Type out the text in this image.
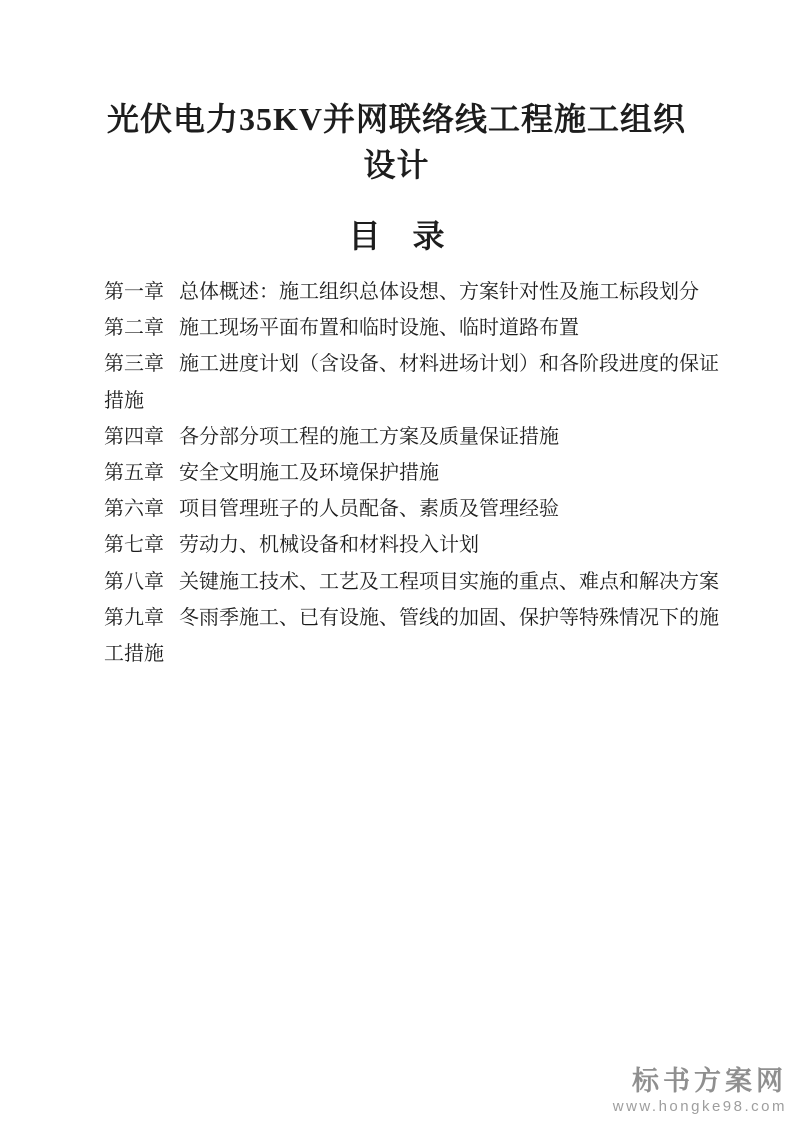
光伏电力35KV并网联络线工程施工组织
设计
目　录

第一章 总体概述：施工组织总体设想、方案针对性及施工标段划分

第二章 施工现场平面布置和临时设施、临时道路布置

第三章 施工进度计划（含设备、材料进场计划）和各阶段进度的保证措施

第四章 各分部分项工程的施工方案及质量保证措施

第五章 安全文明施工及环境保护措施

第六章 项目管理班子的人员配备、素质及管理经验

第七章 劳动力、机械设备和材料投入计划

第八章 关键施工技术、工艺及工程项目实施的重点、难点和解决方案

第九章 冬雨季施工、已有设施、管线的加固、保护等特殊情况下的施工措施

标书方案网
www.hongke98.com
